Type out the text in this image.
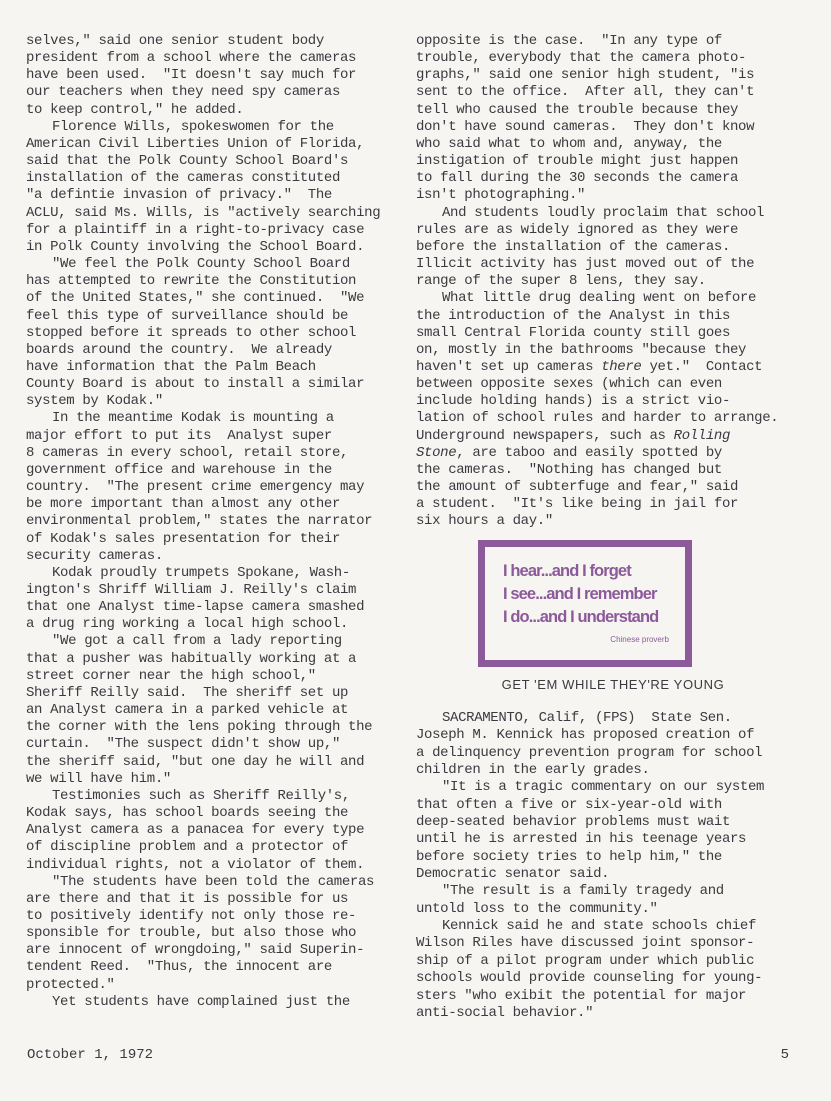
selves," said one senior student body

president from a school where the cameras

have been used.  "It doesn't say much for

our teachers when they need spy cameras

to keep control," he added.

Florence Wills, spokeswomen for the

American Civil Liberties Union of Florida,

said that the Polk County School Board's

installation of the cameras constituted

"a defintie invasion of privacy."  The

ACLU, said Ms. Wills, is "actively searching

for a plaintiff in a right-to-privacy case

in Polk County involving the School Board.

"We feel the Polk County School Board

has attempted to rewrite the Constitution

of the United States," she continued.  "We

feel this type of surveillance should be

stopped before it spreads to other school

boards around the country.  We already

have information that the Palm Beach

County Board is about to install a similar

system by Kodak."

In the meantime Kodak is mounting a

major effort to put its  Analyst super

8 cameras in every school, retail store,

government office and warehouse in the

country.  "The present crime emergency may

be more important than almost any other

environmental problem," states the narrator

of Kodak's sales presentation for their

security cameras.

Kodak proudly trumpets Spokane, Wash-

ington's Shriff William J. Reilly's claim

that one Analyst time-lapse camera smashed

a drug ring working a local high school.

"We got a call from a lady reporting

that a pusher was habitually working at a

street corner near the high school,"

Sheriff Reilly said.  The sheriff set up

an Analyst camera in a parked vehicle at

the corner with the lens poking through the

curtain.  "The suspect didn't show up,"

the sheriff said, "but one day he will and

we will have him."

Testimonies such as Sheriff Reilly's,

Kodak says, has school boards seeing the

Analyst camera as a panacea for every type

of discipline problem and a protector of

individual rights, not a violator of them.

"The students have been told the cameras

are there and that it is possible for us

to positively identify not only those re-

sponsible for trouble, but also those who

are innocent of wrongdoing," said Superin-

tendent Reed.  "Thus, the innocent are

protected."

Yet students have complained just the

opposite is the case.  "In any type of

trouble, everybody that the camera photo-

graphs," said one senior high student, "is

sent to the office.  After all, they can't

tell who caused the trouble because they

don't have sound cameras.  They don't know

who said what to whom and, anyway, the

instigation of trouble might just happen

to fall during the 30 seconds the camera

isn't photographing."

And students loudly proclaim that school

rules are as widely ignored as they were

before the installation of the cameras.

Illicit activity has just moved out of the

range of the super 8 lens, they say.

What little drug dealing went on before

the introduction of the Analyst in this

small Central Florida county still goes

on, mostly in the bathrooms "because they

haven't set up cameras there yet."  Contact

between opposite sexes (which can even

include holding hands) is a strict vio-

lation of school rules and harder to arrange.

Underground newspapers, such as Rolling

Stone, are taboo and easily spotted by

the cameras.  "Nothing has changed but

the amount of subterfuge and fear," said

a student.  "It's like being in jail for

six hours a day."

I hear...and I forget
I see...and I remember
I do...and I understand
Chinese proverb
GET 'EM WHILE THEY'RE YOUNG

SACRAMENTO, Calif, (FPS)  State Sen.

Joseph M. Kennick has proposed creation of

a delinquency prevention program for school

children in the early grades.

"It is a tragic commentary on our system

that often a five or six-year-old with

deep-seated behavior problems must wait

until he is arrested in his teenage years

before society tries to help him," the

Democratic senator said.

"The result is a family tragedy and

untold loss to the community."

Kennick said he and state schools chief

Wilson Riles have discussed joint sponsor-

ship of a pilot program under which public

schools would provide counseling for young-

sters "who exibit the potential for major

anti-social behavior."

October 1, 1972	5
